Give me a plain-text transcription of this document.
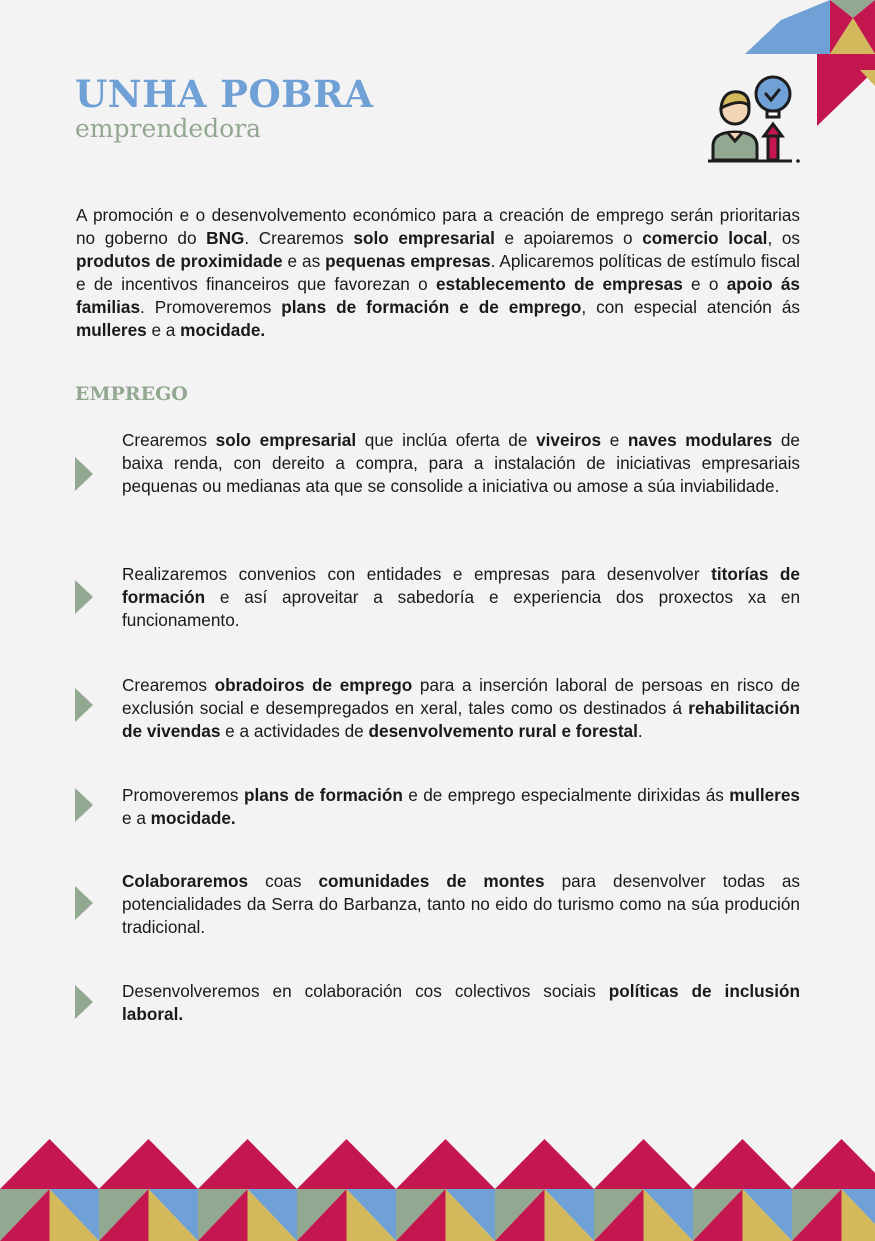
UNHA POBRA
emprendedora

A promoción e o desenvolvemento económico para a creación de emprego serán prioritarias no goberno do BNG. Crearemos solo empresarial e apoiaremos o comercio local, os produtos de proximidade e as pequenas empresas. Aplicaremos políticas de estímulo fiscal e de incentivos financeiros que favorezan o establecemento de empresas e o apoio ás familias. Promoveremos plans de formación e de emprego, con especial atención ás mulleres e a mocidade.

EMPREGO

Crearemos solo empresarial que inclúa oferta de viveiros e naves modulares de baixa renda, con dereito a compra, para a instalación de iniciativas empresariais pequenas ou medianas ata que se consolide a iniciativa ou amose a súa inviabilidade.

Realizaremos convenios con entidades e empresas para desenvolver titorías de formación e así aproveitar a sabedoría e experiencia dos proxectos xa en funcionamento.

Crearemos obradoiros de emprego para a inserción laboral de persoas en risco de exclusión social e desempregados en xeral, tales como os destinados á rehabilitación de vivendas e a actividades de desenvolvemento rural e forestal.

Promoveremos plans de formación e de emprego especialmente dirixidas ás mulleres e a mocidade.

Colaboraremos coas comunidades de montes para desenvolver todas as potencialidades da Serra do Barbanza, tanto no eido do turismo como na súa produción tradicional.

Desenvolveremos en colaboración cos colectivos sociais políticas de inclusión laboral.
